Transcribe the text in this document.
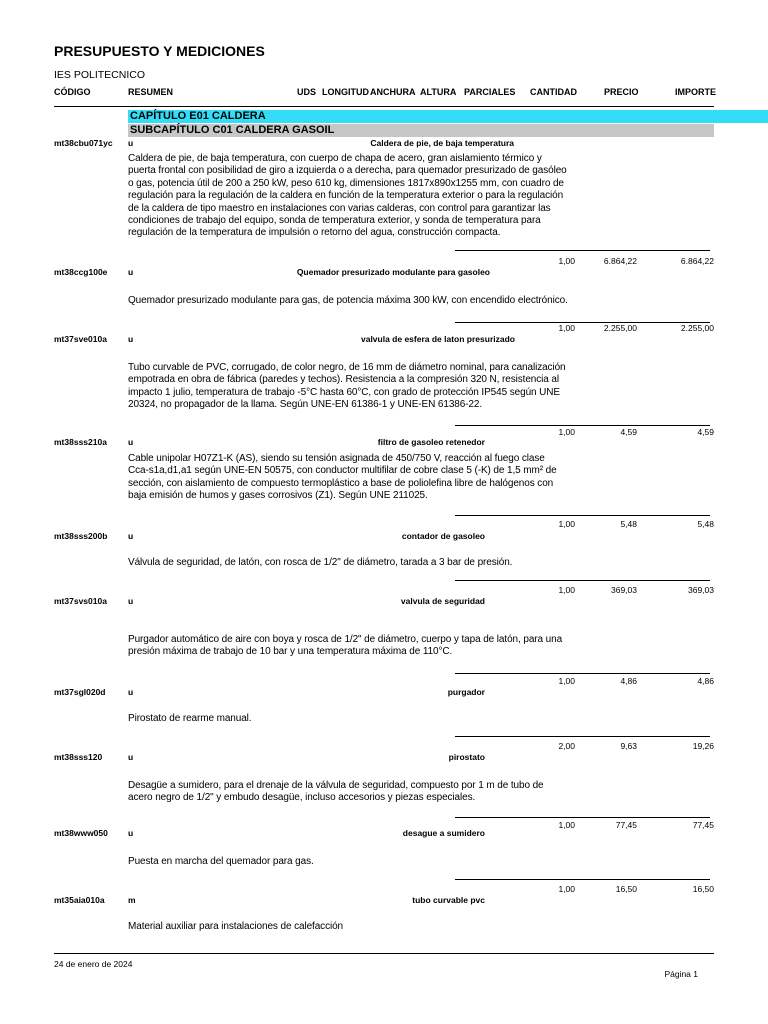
PRESUPUESTO Y MEDICIONES
IES POLITECNICO
CÓDIGO	RESUMEN	UDS LONGITUD ANCHURA ALTURA PARCIALES CANTIDAD	PRECIO	IMPORTE
CAPÍTULO E01 CALDERA
SUBCAPÍTULO C01 CALDERA GASOIL
mt38cbu071yc u	Caldera de pie, de baja temperatura
Caldera de pie, de baja temperatura, con cuerpo de chapa de acero, gran aislamiento térmico y puerta frontal con posibilidad de giro a izquierda o a derecha, para quemador presurizado de gasóleo o gas, potencia útil de 200 a 250 kW, peso 610 kg, dimensiones 1817x890x1255 mm, con cuadro de regulación para la regulación de la caldera en función de la temperatura exterior o para la regulación de la caldera de tipo maestro en instalaciones con varias calderas, con control para garantizar las condiciones de trabajo del equipo, sonda de temperatura exterior, y sonda de temperatura para regulación de la temperatura de impulsión o retorno del agua, construcción compacta.
1,00	6.864,22	6.864,22
mt38ccg100e u	Quemador presurizado modulante para gasoleo
Quemador presurizado modulante para gas, de potencia máxima 300 kW, con encendido electrónico.
1,00	2.255,00	2.255,00
mt37sve010a u	valvula de esfera de laton presurizado
Tubo curvable de PVC, corrugado, de color negro, de 16 mm de diámetro nominal, para canalización empotrada en obra de fábrica (paredes y techos). Resistencia a la compresión 320 N, resistencia al impacto 1 julio, temperatura de trabajo -5°C hasta 60°C, con grado de protección IP545 según UNE 20324, no propagador de la llama. Según UNE-EN 61386-1 y UNE-EN 61386-22.
1,00	4,59	4,59
mt38sss210a u	filtro de gasoleo retenedor
Cable unipolar H07Z1-K (AS), siendo su tensión asignada de 450/750 V, reacción al fuego clase Cca-s1a,d1,a1 según UNE-EN 50575, con conductor multifilar de cobre clase 5 (-K) de 1,5 mm² de sección, con aislamiento de compuesto termoplástico a base de poliolefina libre de halógenos con baja emisión de humos y gases corrosivos (Z1). Según UNE 211025.
1,00	5,48	5,48
mt38sss200b u	contador de gasoleo
Válvula de seguridad, de latón, con rosca de 1/2" de diámetro, tarada a 3 bar de presión.
1,00	369,03	369,03
mt37svs010a u	valvula de seguridad
Purgador automático de aire con boya y rosca de 1/2" de diámetro, cuerpo y tapa de latón, para una presión máxima de trabajo de 10 bar y una temperatura máxima de 110°C.
1,00	4,86	4,86
mt37sgl020d	u	purgador
Pirostato de rearme manual.
2,00	9,63	19,26
mt38sss120	u	pirostato
Desagüe a sumidero, para el drenaje de la válvula de seguridad, compuesto por 1 m de tubo de acero negro de 1/2" y embudo desagüe, incluso accesorios y piezas especiales.
1,00	77,45	77,45
mt38www050 u	desague a sumidero
Puesta en marcha del quemador para gas.
1,00	16,50	16,50
mt35aia010a	m	tubo curvable pvc
Material auxiliar para instalaciones de calefacción
24 de enero de 2024
Página 1
